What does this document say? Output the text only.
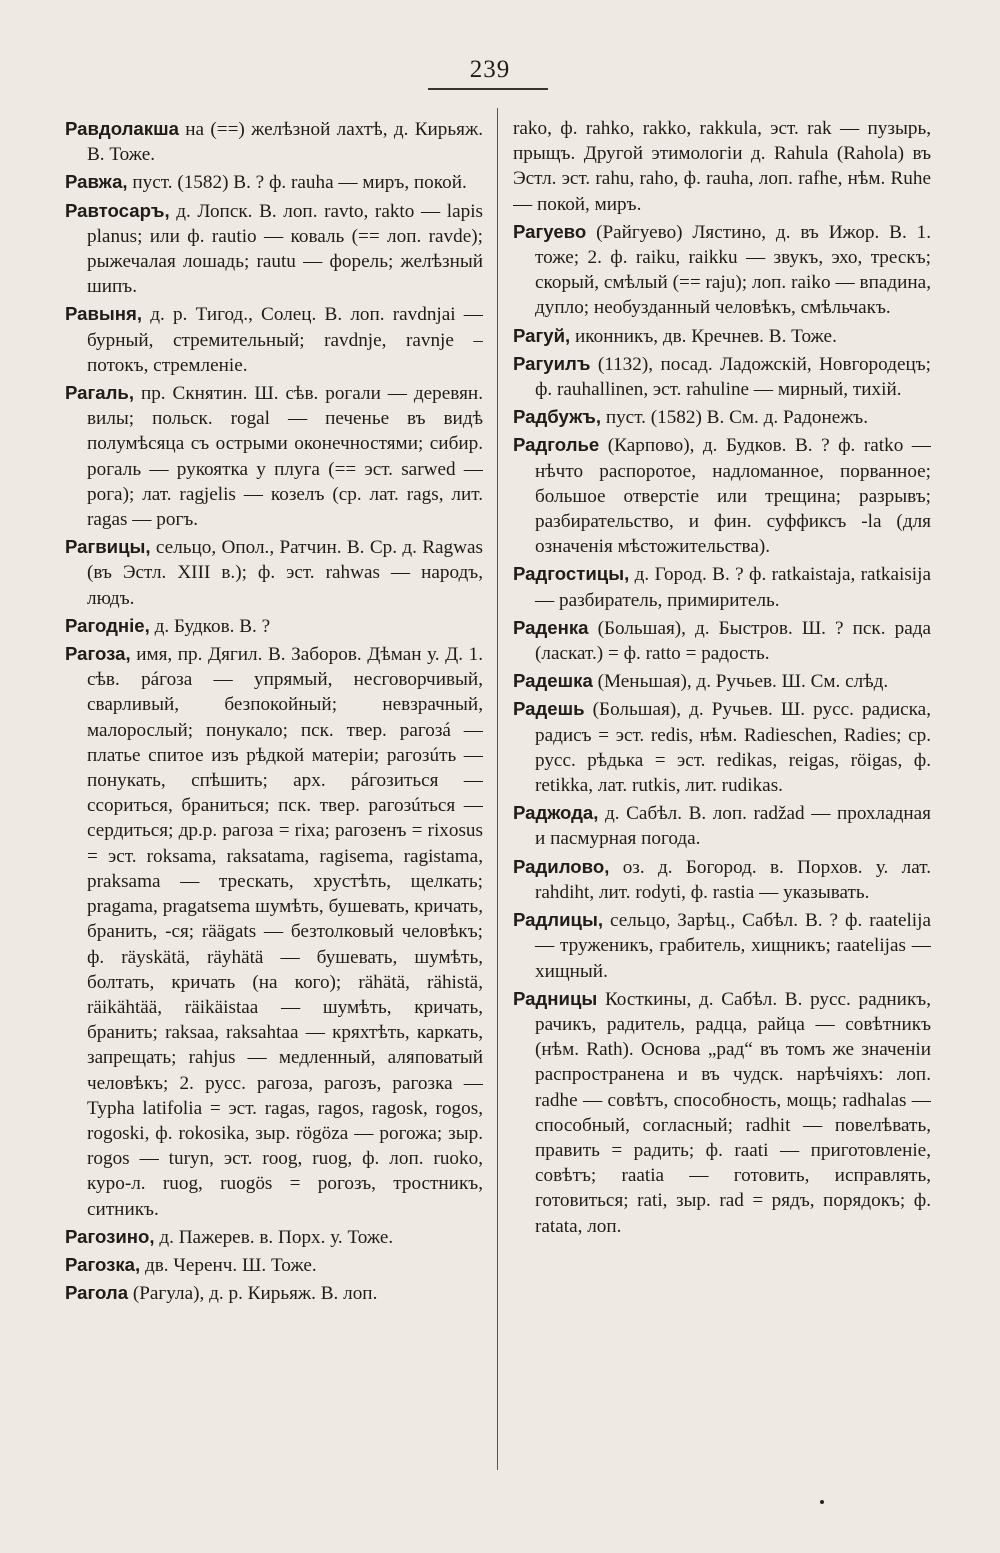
239

Равдолакша на (==) желѣзной лахтѣ, д. Кирьяж. В. Тоже.

Равжа, пуст. (1582) В. ? ф. rauha — миръ, покой.

Равтосаръ, д. Лопск. В. лоп. ravto, rakto — lapis planus; или ф. rautio — коваль (== лоп. ravde); рыжечалая лошадь; rautu — форель; желѣзный шипъ.

Равыня, д. р. Тигод., Солец. В. лоп. ravdnjai — бурный, стремительный; ravdnje, ravnje – потокъ, стремленіе.

Рагаль, пр. Скнятин. Ш. сѣв. рогали — деревян. вилы; польск. rogal — печенье въ видѣ полумѣсяца съ острыми оконечностями; сибир. рогаль — рукоятка у плуга (== эст. sarwed — рога); лат. ragjelis — козелъ (ср. лат. rags, лит. ragas — рогъ.

Рагвицы, сельцо, Опол., Ратчин. В. Ср. д. Ragwas (въ Эстл. XIII в.); ф. эст. rahwas — народъ, людъ.

Рагодніе, д. Будков. В. ?

Рагоза, имя, пр. Дягил. В. Заборов. Дѣман у. Д. 1. сѣв. рáгоза — упрямый, несговорчивый, сварливый, безпокойный; невзрачный, малорослый; понукало; пск. твер. рагозá — платье спитое изъ рѣдкой матеріи; рагозúть — понукать, спѣшить; арх. рáгозиться — ссориться, браниться; пск. твер. рагозúться — сердиться; др.р. рагоза = rixa; рагозенъ = rixosus = эст. roksama, raksatama, ragisema, ragistama, praksama — трескать, хрустѣть, щелкать; pragama, pragatsema шумѣть, бушевать, кричать, бранить, -ся; räägats — безтолковый человѣкъ; ф. räyskätä, räyhätä — бушевать, шумѣть, болтать, кричать (на кого); rähätä, rähistä, räikähtää, räikäistaa — шумѣть, кричать, бранить; raksaa, raksahtaa — кряхтѣть, каркать, запрещать; rahjus — медленный, аляповатый человѣкъ; 2. русс. рагоза, рагозъ, рагозка — Typha latifolia = эст. ragas, ragos, ragosk, rogos, rogoski, ф. rokosika, зыр. rögöza — рогожа; зыр. rogos — turyn, эст. roog, ruog, ф. лоп. ruoko, куро-л. ruog, ruogös = рогозъ, тростникъ, ситникъ.

Рагозино, д. Пажерев. в. Порх. у. Тоже.

Рагозка, дв. Черенч. Ш. Тоже.

Рагола (Рагула), д. р. Кирьяж. В. лоп.

rako, ф. rahko, rakko, rakkula, эст. rak — пузырь, прыщъ. Другой этимологіи д. Rahula (Rahola) въ Эстл. эст. rahu, raho, ф. rauha, лоп. rafhe, нѣм. Ruhe — покой, миръ.

Рагуево (Райгуево) Лястино, д. въ Ижор. В. 1. тоже; 2. ф. raiku, raikku — звукъ, эхо, трескъ; скорый, смѣлый (== raju); лоп. raiko — впадина, дупло; необузданный человѣкъ, смѣльчакъ.

Рагуй, иконникъ, дв. Кречнев. В. Тоже.

Рагуилъ (1132), посад. Ладожскій, Новгородецъ; ф. rauhallinen, эст. rahuline — мирный, тихій.

Радбужъ, пуст. (1582) В. См. д. Радонежъ.

Радголье (Карпово), д. Будков. В. ? ф. ratko — нѣчто распоротое, надломанное, порванное; большое отверстіе или трещина; разрывъ; разбирательство, и фин. суффиксъ -la (для означенія мѣстожительства).

Радгостицы, д. Город. В. ? ф. ratkaistaja, ratkaisija — разбиратель, примиритель.

Раденка (Большая), д. Быстров. Ш. ? пск. рада (ласкат.) = ф. ratto = радость.

Радешка (Меньшая), д. Ручьев. Ш. См. слѣд.

Радешь (Большая), д. Ручьев. Ш. русс. радиска, радисъ = эст. redis, нѣм. Radieschen, Radies; ср. русс. рѣдька = эст. redikas, reigas, röigas, ф. retikka, лат. rutkis, лит. rudikas.

Раджода, д. Сабѣл. В. лоп. radžad — прохладная и пасмурная погода.

Радилово, оз. д. Богород. в. Порхов. у. лат. rahdiht, лит. rodyti, ф. rastia — указывать.

Радлицы, сельцо, Зарѣц., Сабѣл. В. ? ф. raatelija — труженикъ, грабитель, хищникъ; raatelijas — хищный.

Радницы Косткины, д. Сабѣл. В. русс. радникъ, рачикъ, радитель, радца, райца — совѣтникъ (нѣм. Rath). Основа „рад“ въ томъ же значеніи распространена и въ чудск. нарѣчіяхъ: лоп. radhe — совѣтъ, способность, мощь; radhalas — способный, согласный; radhit — повелѣвать, править = радить; ф. raati — приготовленіе, совѣтъ; raatia — готовить, исправлять, готовиться; rati, зыр. rad = рядъ, порядокъ; ф. ratata, лоп.
